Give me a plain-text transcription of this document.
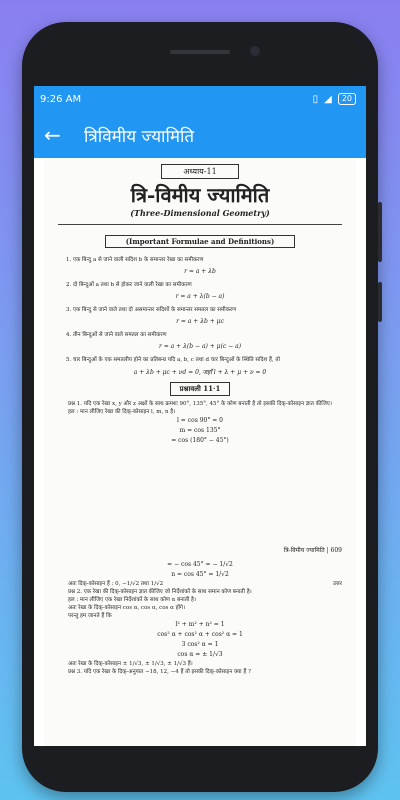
9:26 AM	▯ ◢	20
←	त्रिविमीय ज्यामिति
अध्याय-11
त्रि-विमीय ज्यामिति
(Three-Dimensional Geometry)
(Important Formulae and Definitions)
1. एक बिन्दु a से जाने वाली सदिश b के समान्तर रेखा का समीकरण
r = a + λb
2. दो बिन्दुओं a तथा b से होकर जाने वाली रेखा का समीकरण
r = a + λ(b − a)
3. एक बिन्दु से जाने वाले तथा दो असमान्तर सदिशों के समान्तर समतल का समीकरण
r = a + λb + μc
4. तीन बिन्दुओं से जाने वाले समतल का समीकरण
r = a + λ(b − a) + μ(c − a)
5. चार बिन्दुओं के एक समतलीय होने का प्रतिबन्ध यदि a, b, c तथा d चार बिन्दुओं के स्थिति सदिश हैं, तो
a + λb + μc + νd = 0, जहाँ l + λ + μ + ν = 0
प्रश्नावली 11·1
प्रश्न 1. यदि एक रेखा x, y और z अक्षों के साथ क्रमशः 90°, 135°, 45° के कोण बनाती है तो इसकी दिक्-कोसाइन ज्ञात कीजिए।
हल : मान लीजिए रेखा की दिक्-कोसाइन l, m, n है।
l = cos 90° = 0
m = cos 135°
= cos (180° − 45°)
त्रि-विमीय ज्यामिति | 609
= − cos 45° = − 1/√2
n = cos 45° = 1/√2
अतः दिक्-कोसाइन हैं : 0, −1/√2 तथा 1/√2	उत्तर
प्रश्न 2. एक रेखा की दिक्-कोसाइन ज्ञात कीजिए जो निर्देशांकों के साथ समान कोण बनाती है।
हल : मान लीजिए एक रेखा निर्देशांकों के साथ कोण α बनाती है।
अतः रेखा के दिक्-कोसाइन cos α, cos α, cos α होंगे।
परन्तु हम जानते हैं कि
l² + m² + n² = 1
cos² α + cos² α + cos² α = 1
3 cos² α = 1
cos α = ± 1/√3
अतः रेखा के दिक्-कोसाइन ± 1/√3, ± 1/√3, ± 1/√3 हैं।
प्रश्न 3. यदि एक रेखा के दिक्-अनुपात −18, 12, −4 हैं तो इसकी दिक्-कोसाइन क्या हैं ?
